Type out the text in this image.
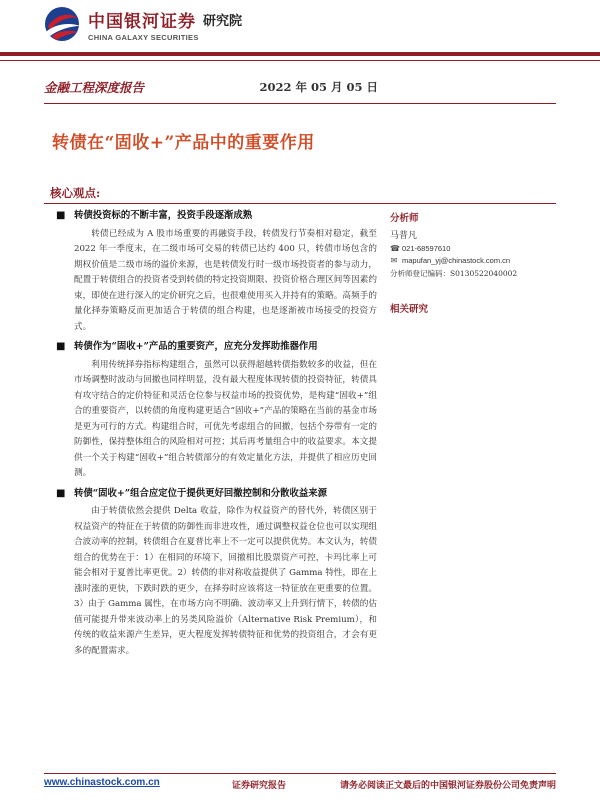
中国银河证券
CHINA GALAXY SECURITIES
研究院
金融工程深度报告	2022 年 05 月 05 日
转债在“固收+”产品中的重要作用
核心观点:
■ 转债投资标的不断丰富，投资手段逐渐成熟

转债已经成为 A 股市场重要的再融资手段，转债发行节奏相对稳定，截至 2022 年一季度末，在二级市场可交易的转债已达约 400 只，转债市场包含的期权价值是二级市场的溢价来源，也是转债发行时一级市场投资者的参与动力，配置于转债组合的投资者受到转债的特定投资期限、投资价格合理区间等因素约束，即使在进行深入的定价研究之后，也很难使用买入并持有的策略。高频手的量化择券策略反而更加适合于转债的组合构建，也是逐渐被市场接受的投资方式。

■ 转债作为“固收+”产品的重要资产，应充分发挥助推器作用

利用传统择券指标构建组合，虽然可以获得超越转债指数较多的收益，但在市场调整时波动与回撤也同样明显，没有最大程度体现转债的投资特征，转债具有攻守结合的定价特征和灵活仓位参与权益市场的投资优势，是构建“固收+”组合的重要资产，以转债的角度构建更适合“固收+”产品的策略在当前的基金市场是更为可行的方式。构建组合时，可优先考虑组合的回撤，包括个券带有一定的防御性，保持整体组合的风险相对可控；其后再考量组合中的收益要求。本文提供一个关于构建“固收+”组合转债部分的有效定量化方法，并提供了相应历史回测。

■ 转债“固收+”组合应定位于提供更好回撤控制和分散收益来源

由于转债依然会提供 Delta 收益，除作为权益资产的替代外，转债区别于权益资产的特征在于转债的防御性而非进攻性，通过调整权益仓位也可以实现组合波动率的控制，转债组合在夏普比率上不一定可以提供优势。本文认为，转债组合的优势在于：1）在相同的环境下，回撤相比股票资产可控，卡玛比率上可能会相对于夏普比率更优。2）转债的非对称收益提供了 Gamma 特性，即在上涨时涨的更快，下跌时跌的更少，在择券时应该将这一特征放在更重要的位置。3）由于 Gamma 属性，在市场方向不明确、波动率又上升到行情下，转债的估值可能提升带来波动率上的另类风险溢价（Alternative Risk Premium），和传统的收益来源产生差异，更大程度发挥转债特征和优势的投资组合，才会有更多的配置需求。

分析师
马普凡
☎ 021-68597610
✉ mapufan_yj@chinastock.com.cn
分析师登记编码： S0130522040002
相关研究
www.chinastock.com.cn	证券研究报告	请务必阅读正文最后的中国银河证券股份公司免责声明
